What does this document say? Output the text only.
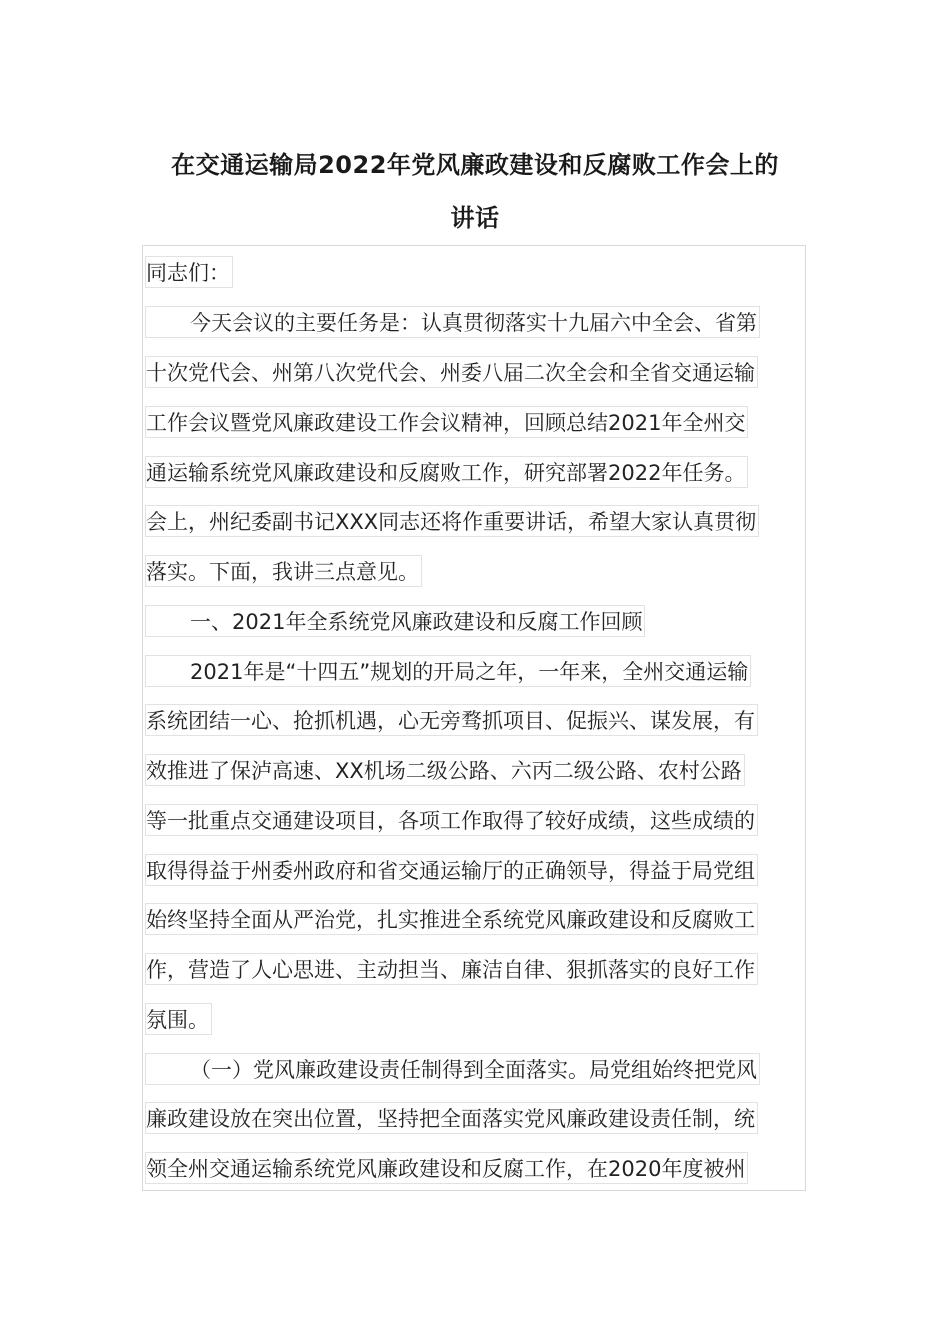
在交通运输局2022年党风廉政建设和反腐败工作会上的
讲话
同志们：
今天会议的主要任务是：认真贯彻落实十九届六中全会、省第
十次党代会、州第八次党代会、州委八届二次全会和全省交通运输
工作会议暨党风廉政建设工作会议精神，回顾总结2021年全州交
通运输系统党风廉政建设和反腐败工作，研究部署2022年任务。
会上，州纪委副书记XXX同志还将作重要讲话，希望大家认真贯彻
落实。下面，我讲三点意见。
一、2021年全系统党风廉政建设和反腐工作回顾
2021年是“十四五”规划的开局之年，一年来，全州交通运输
系统团结一心、抢抓机遇，心无旁骛抓项目、促振兴、谋发展，有
效推进了保泸高速、XX机场二级公路、六丙二级公路、农村公路
等一批重点交通建设项目，各项工作取得了较好成绩，这些成绩的
取得得益于州委州政府和省交通运输厅的正确领导，得益于局党组
始终坚持全面从严治党，扎实推进全系统党风廉政建设和反腐败工
作，营造了人心思进、主动担当、廉洁自律、狠抓落实的良好工作
氛围。
（一）党风廉政建设责任制得到全面落实。局党组始终把党风
廉政建设放在突出位置，坚持把全面落实党风廉政建设责任制，统
领全州交通运输系统党风廉政建设和反腐工作，在2020年度被州
